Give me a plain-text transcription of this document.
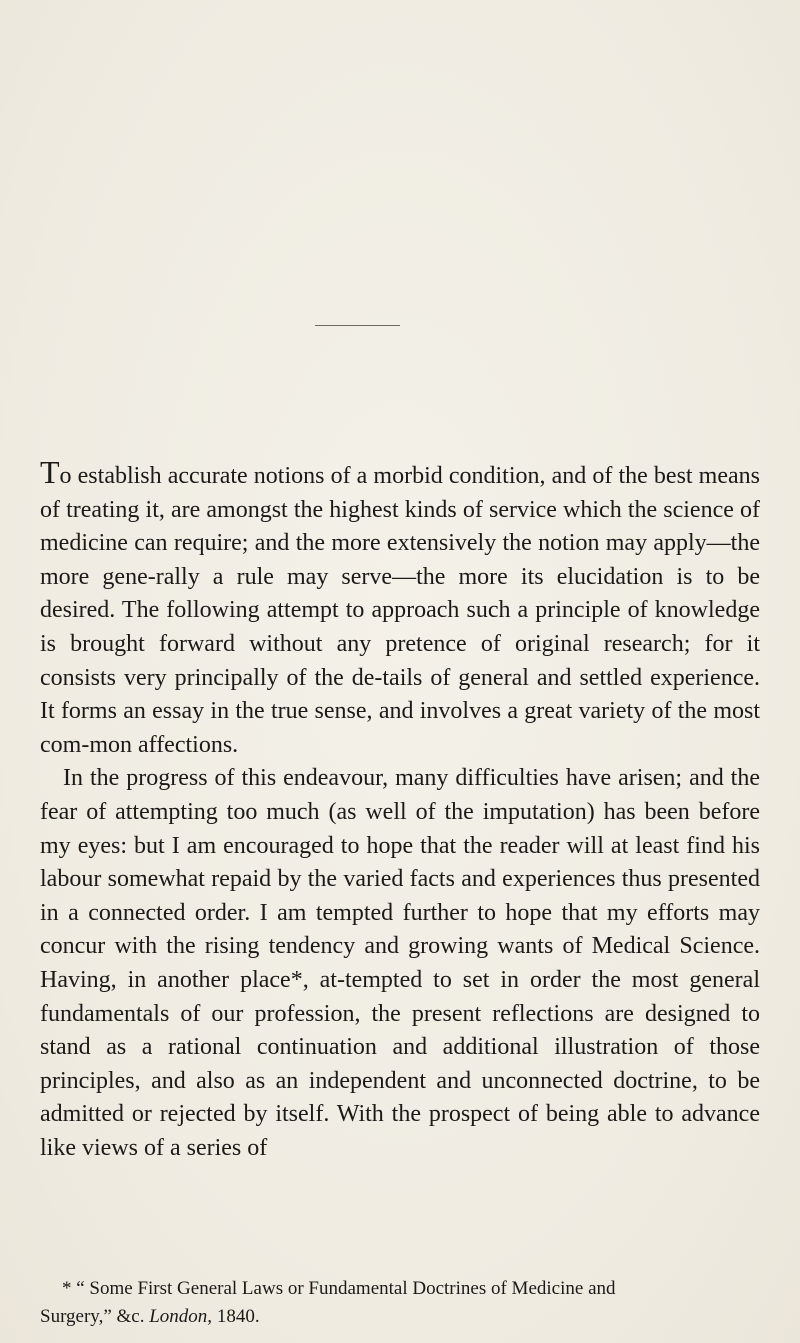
To establish accurate notions of a morbid condition, and of the best means of treating it, are amongst the highest kinds of service which the science of medicine can require; and the more extensively the notion may apply—the more gene-rally a rule may serve—the more its elucidation is to be desired. The following attempt to approach such a principle of knowledge is brought forward without any pretence of original research; for it consists very principally of the de-tails of general and settled experience. It forms an essay in the true sense, and involves a great variety of the most com-mon affections.

In the progress of this endeavour, many difficulties have arisen; and the fear of attempting too much (as well of the imputation) has been before my eyes: but I am encouraged to hope that the reader will at least find his labour somewhat repaid by the varied facts and experiences thus presented in a connected order. I am tempted further to hope that my efforts may concur with the rising tendency and growing wants of Medical Science. Having, in another place*, at-tempted to set in order the most general fundamentals of our profession, the present reflections are designed to stand as a rational continuation and additional illustration of those principles, and also as an independent and unconnected doctrine, to be admitted or rejected by itself. With the prospect of being able to advance like views of a series of

* “ Some First General Laws or Fundamental Doctrines of Medicine and
Surgery,” &c. London, 1840.
